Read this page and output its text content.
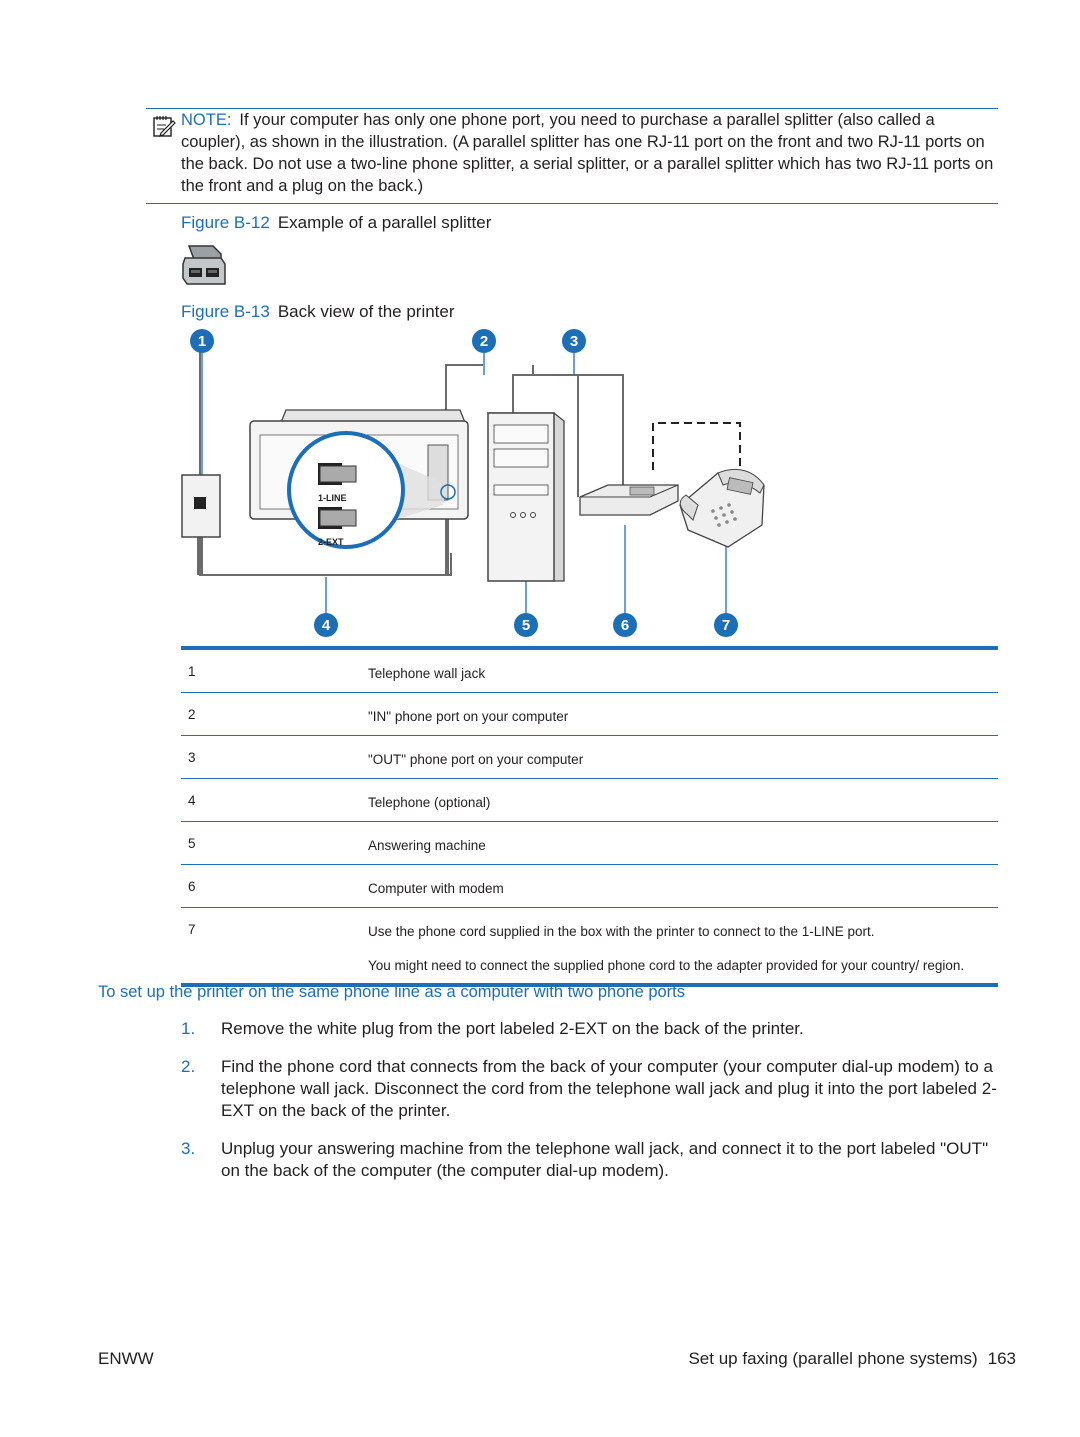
NOTE: If your computer has only one phone port, you need to purchase a parallel splitter (also called a coupler), as shown in the illustration. (A parallel splitter has one RJ-11 port on the front and two RJ-11 ports on the back. Do not use a two-line phone splitter, a serial splitter, or a parallel splitter which has two RJ-11 ports on the front and a plug on the back.)
Figure B-12 Example of a parallel splitter
Figure B-13 Back view of the printer
1-LINE
2-EXT
1	2	3
4	5	6	7
1	Telephone wall jack
2	"IN" phone port on your computer
3	"OUT" phone port on your computer
4	Telephone (optional)
5	Answering machine
6	Computer with modem
7	Use the phone cord supplied in the box with the printer to connect to the 1-LINE port.

You might need to connect the supplied phone cord to the adapter provided for your country/ region.

To set up the printer on the same phone line as a computer with two phone ports
1.	Remove the white plug from the port labeled 2-EXT on the back of the printer.
2.	Find the phone cord that connects from the back of your computer (your computer dial-up modem) to a telephone wall jack. Disconnect the cord from the telephone wall jack and plug it into the port labeled 2-EXT on the back of the printer.
3.	Unplug your answering machine from the telephone wall jack, and connect it to the port labeled "OUT" on the back of the computer (the computer dial-up modem).
ENWW	Set up faxing (parallel phone systems) 163
